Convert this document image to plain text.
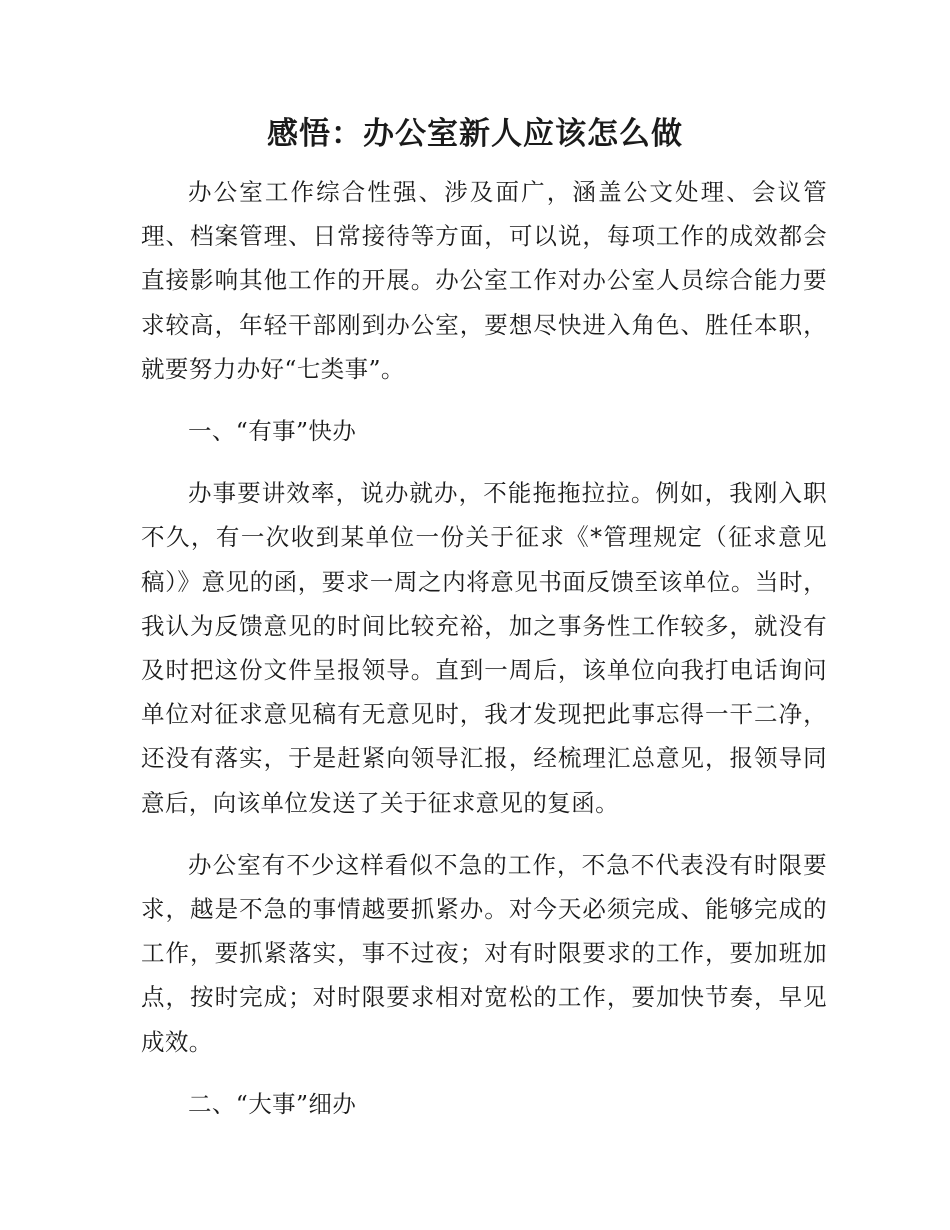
感悟：办公室新人应该怎么做

办公室工作综合性强、涉及面广，涵盖公文处理、会议管理、档案管理、日常接待等方面，可以说，每项工作的成效都会直接影响其他工作的开展。办公室工作对办公室人员综合能力要求较高，年轻干部刚到办公室，要想尽快进入角色、胜任本职，就要努力办好“七类事”。

一、“有事”快办

办事要讲效率，说办就办，不能拖拖拉拉。例如，我刚入职不久，有一次收到某单位一份关于征求《*管理规定（征求意见稿）》意见的函，要求一周之内将意见书面反馈至该单位。当时，我认为反馈意见的时间比较充裕，加之事务性工作较多，就没有及时把这份文件呈报领导。直到一周后，该单位向我打电话询问单位对征求意见稿有无意见时，我才发现把此事忘得一干二净，还没有落实，于是赶紧向领导汇报，经梳理汇总意见，报领导同意后，向该单位发送了关于征求意见的复函。

办公室有不少这样看似不急的工作，不急不代表没有时限要求，越是不急的事情越要抓紧办。对今天必须完成、能够完成的工作，要抓紧落实，事不过夜；对有时限要求的工作，要加班加点，按时完成；对时限要求相对宽松的工作，要加快节奏，早见成效。

二、“大事”细办
